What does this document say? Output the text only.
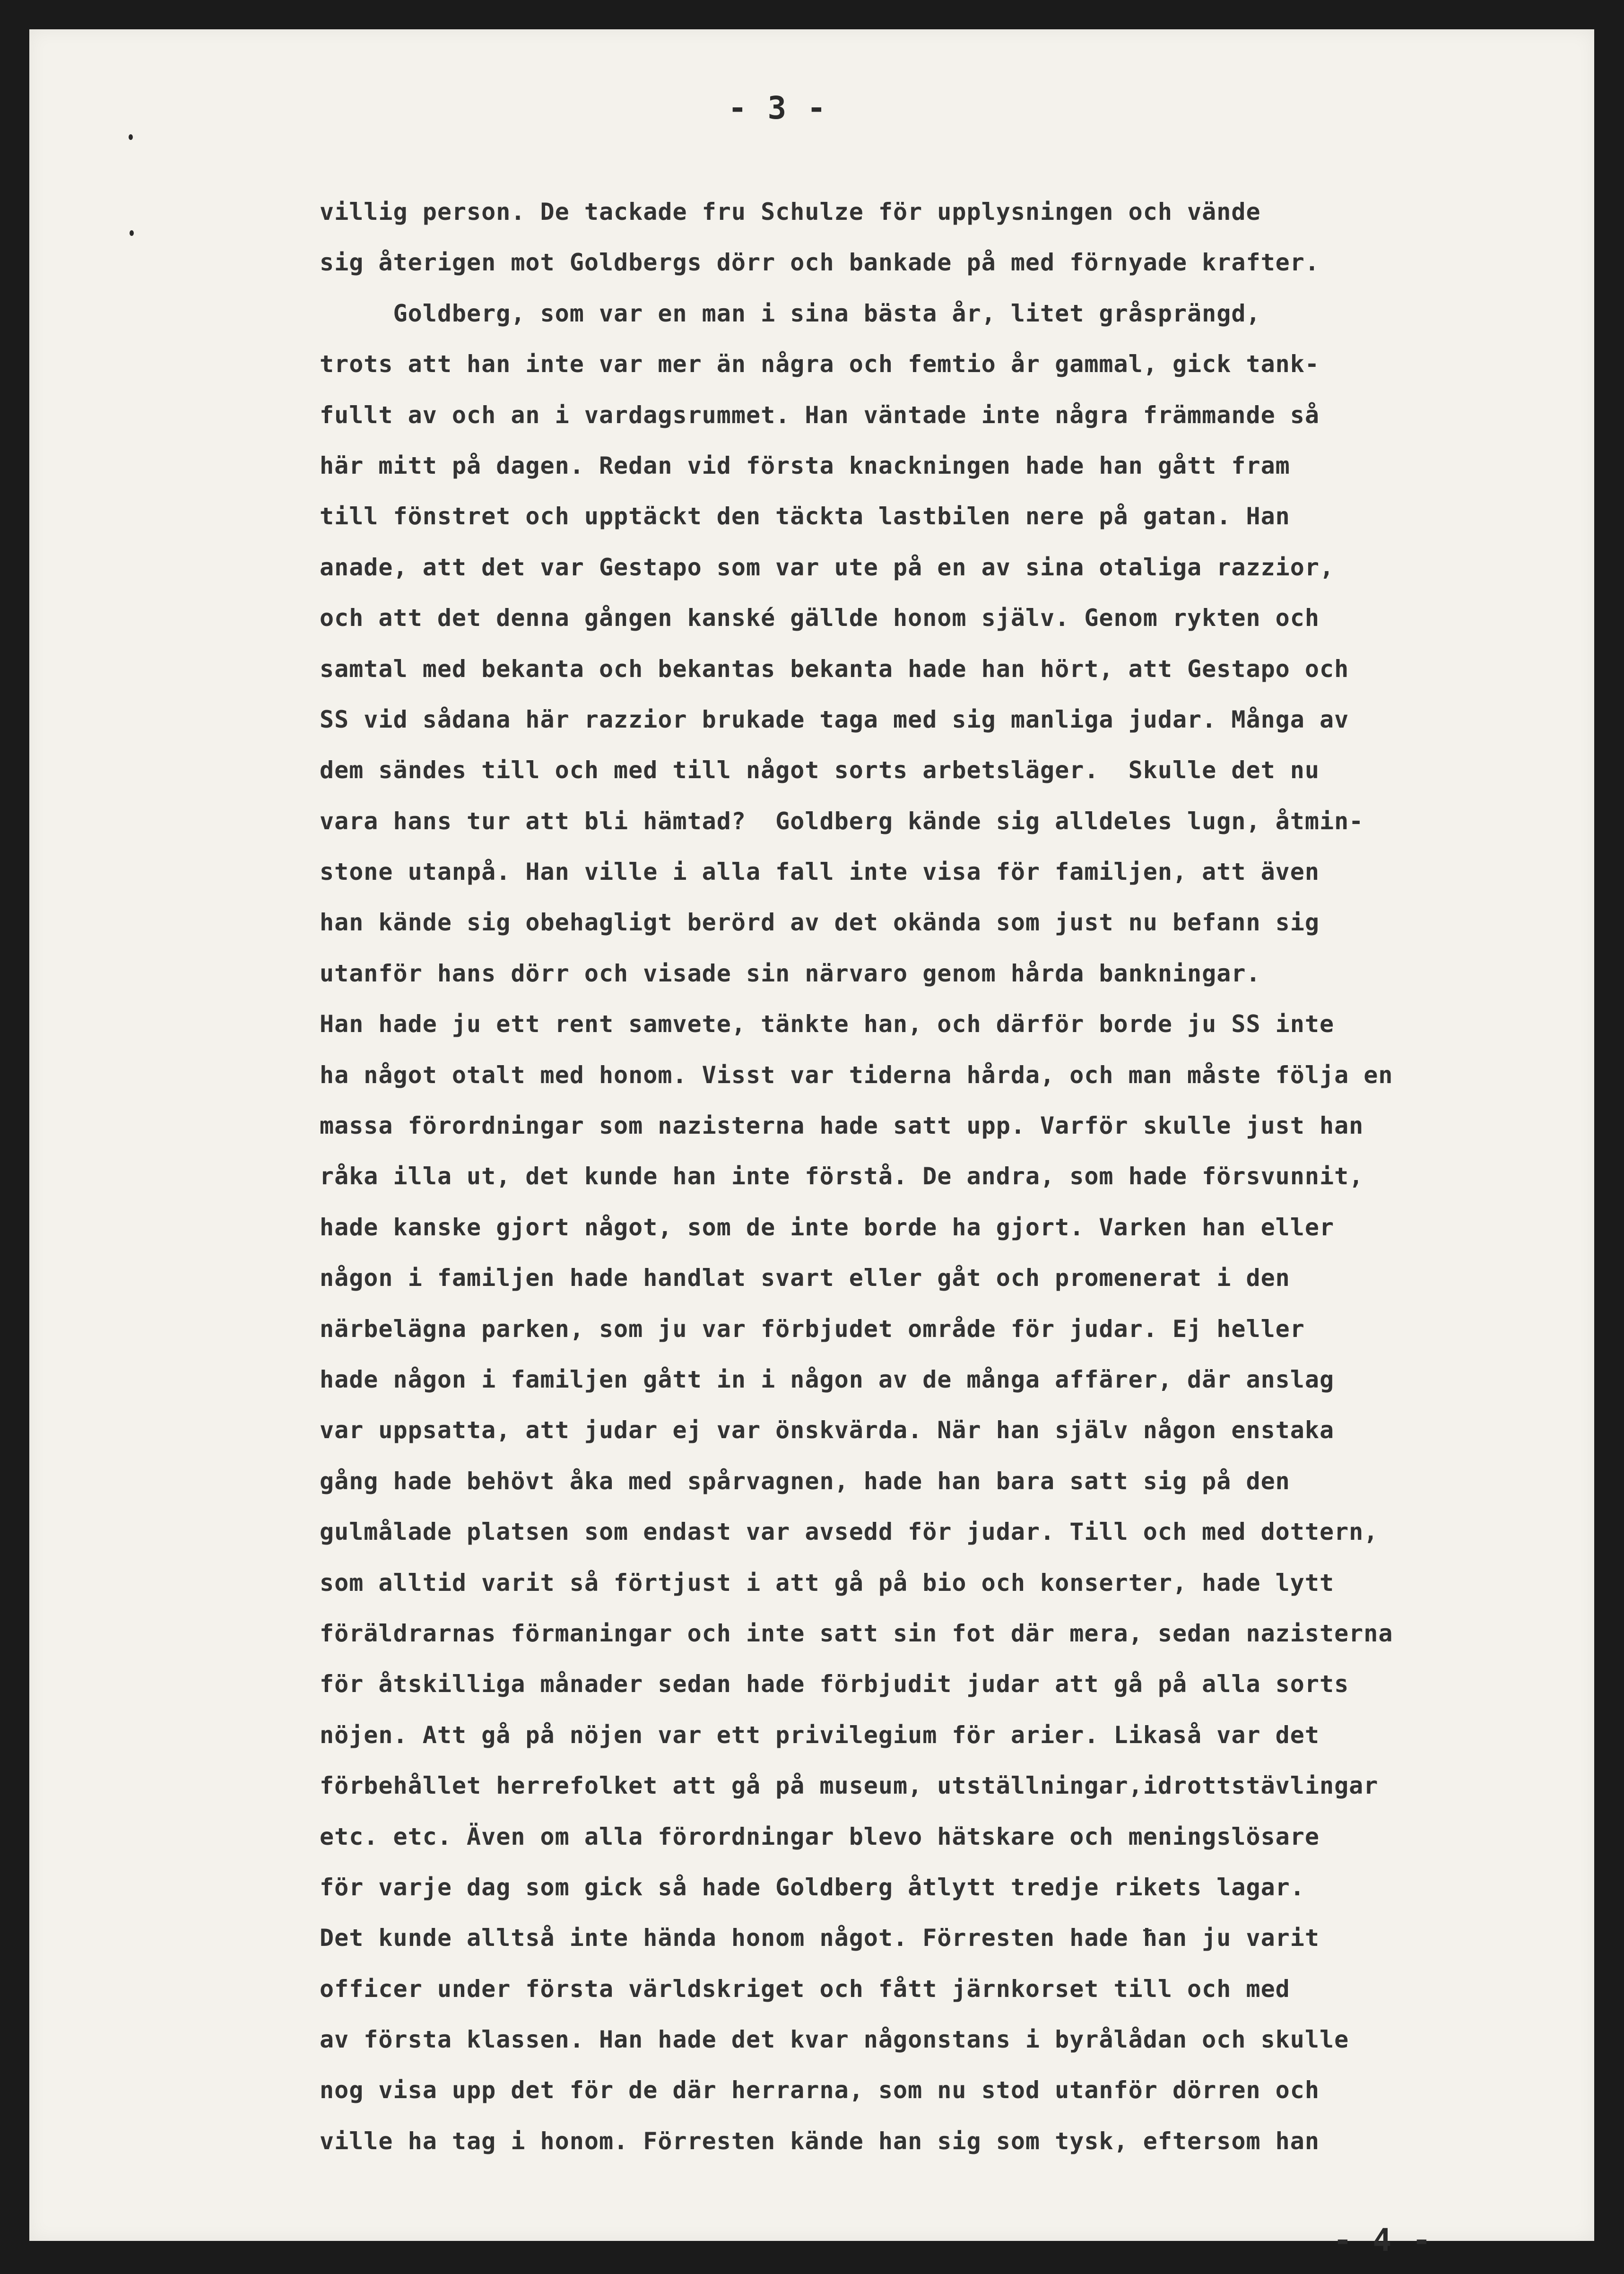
- 3 -
villig person. De tackade fru Schulze för upplysningen och vände
sig återigen mot Goldbergs dörr och bankade på med förnyade krafter.
Goldberg, som var en man i sina bästa år, litet gråsprängd,
trots att han inte var mer än några och femtio år gammal, gick tank-
fullt av och an i vardagsrummet. Han väntade inte några främmande så
här mitt på dagen. Redan vid första knackningen hade han gått fram
till fönstret och upptäckt den täckta lastbilen nere på gatan. Han
anade, att det var Gestapo som var ute på en av sina otaliga razzior,
och att det denna gången kanské gällde honom själv. Genom rykten och
samtal med bekanta och bekantas bekanta hade han hört, att Gestapo och
SS vid sådana här razzior brukade taga med sig manliga judar. Många av
dem sändes till och med till något sorts arbetsläger.  Skulle det nu
vara hans tur att bli hämtad?  Goldberg kände sig alldeles lugn, åtmin-
stone utanpå. Han ville i alla fall inte visa för familjen, att även
han kände sig obehagligt berörd av det okända som just nu befann sig
utanför hans dörr och visade sin närvaro genom hårda bankningar.
Han hade ju ett rent samvete, tänkte han, och därför borde ju SS inte
ha något otalt med honom. Visst var tiderna hårda, och man måste följa en
massa förordningar som nazisterna hade satt upp. Varför skulle just han
råka illa ut, det kunde han inte förstå. De andra, som hade försvunnit,
hade kanske gjort något, som de inte borde ha gjort. Varken han eller
någon i familjen hade handlat svart eller gåt och promenerat i den
närbelägna parken, som ju var förbjudet område för judar. Ej heller
hade någon i familjen gått in i någon av de många affärer, där anslag
var uppsatta, att judar ej var önskvärda. När han själv någon enstaka
gång hade behövt åka med spårvagnen, hade han bara satt sig på den
gulmålade platsen som endast var avsedd för judar. Till och med dottern,
som alltid varit så förtjust i att gå på bio och konserter, hade lytt
föräldrarnas förmaningar och inte satt sin fot där mera, sedan nazisterna
för åtskilliga månader sedan hade förbjudit judar att gå på alla sorts
nöjen. Att gå på nöjen var ett privilegium för arier. Likaså var det
förbehållet herrefolket att gå på museum, utställningar,idrottstävlingar
etc. etc. Även om alla förordningar blevo hätskare och meningslösare
för varje dag som gick så hade Goldberg åtlytt tredje rikets lagar.
Det kunde alltså inte hända honom något. Förresten hade ħan ju varit
officer under första världskriget och fått järnkorset till och med
av första klassen. Han hade det kvar någonstans i byrålådan och skulle
nog visa upp det för de där herrarna, som nu stod utanför dörren och
ville ha tag i honom. Förresten kände han sig som tysk, eftersom han
- 4 -
